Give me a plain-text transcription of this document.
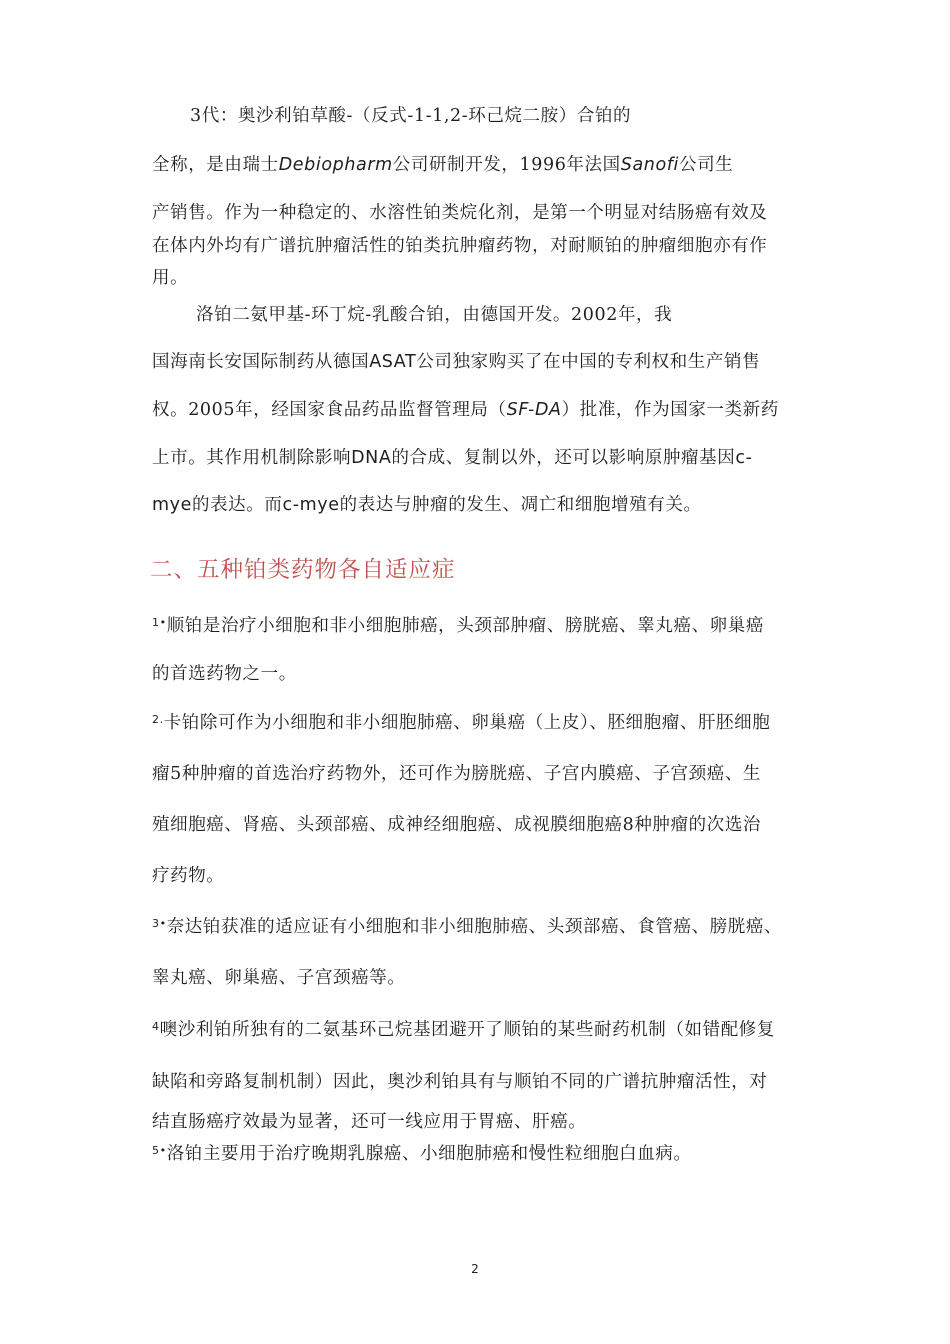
3代：奥沙利铂草酸-（反式-1-1,2-环己烷二胺）合铂的
全称，是由瑞士Debiopharm公司研制开发，1996年法国Sanofi公司生
产销售。作为一种稳定的、水溶性铂类烷化剂，是第一个明显对结肠癌有效及
在体内外均有广谱抗肿瘤活性的铂类抗肿瘤药物，对耐顺铂的肿瘤细胞亦有作
用。
洛铂二氨甲基-环丁烷-乳酸合铂，由德国开发。2002年，我
国海南长安国际制药从德国ASAT公司独家购买了在中国的专利权和生产销售
权。2005年，经国家食品药品监督管理局（SF-DA）批准，作为国家一类新药
上市。其作用机制除影响DNA的合成、复制以外，还可以影响原肿瘤基因c-
mye的表达。而c-mye的表达与肿瘤的发生、凋亡和细胞增殖有关。
二、五种铂类药物各自适应症
$^{1•}$顺铂是治疗小细胞和非小细胞肺癌，头颈部肿瘤、膀胱癌、睾丸癌、卵巢癌
的首选药物之一。
$^{2.}$卡铂除可作为小细胞和非小细胞肺癌、卵巢癌（上皮）、胚细胞瘤、肝胚细胞
瘤5种肿瘤的首选治疗药物外，还可作为膀胱癌、子宫内膜癌、子宫颈癌、生
殖细胞癌、肾癌、头颈部癌、成神经细胞癌、成视膜细胞癌8种肿瘤的次选治
疗药物。
$^{3•}$奈达铂获准的适应证有小细胞和非小细胞肺癌、头颈部癌、食管癌、膀胱癌、
睾丸癌、卵巢癌、子宫颈癌等。
$^4$噢沙利铂所独有的二氨基环己烷基团避开了顺铂的某些耐药机制（如错配修复
缺陷和旁路复制机制）因此，奥沙利铂具有与顺铂不同的广谱抗肿瘤活性，对
结直肠癌疗效最为显著，还可一线应用于胃癌、肝癌。
$^{5•}$洛铂主要用于治疗晚期乳腺癌、小细胞肺癌和慢性粒细胞白血病。
2
